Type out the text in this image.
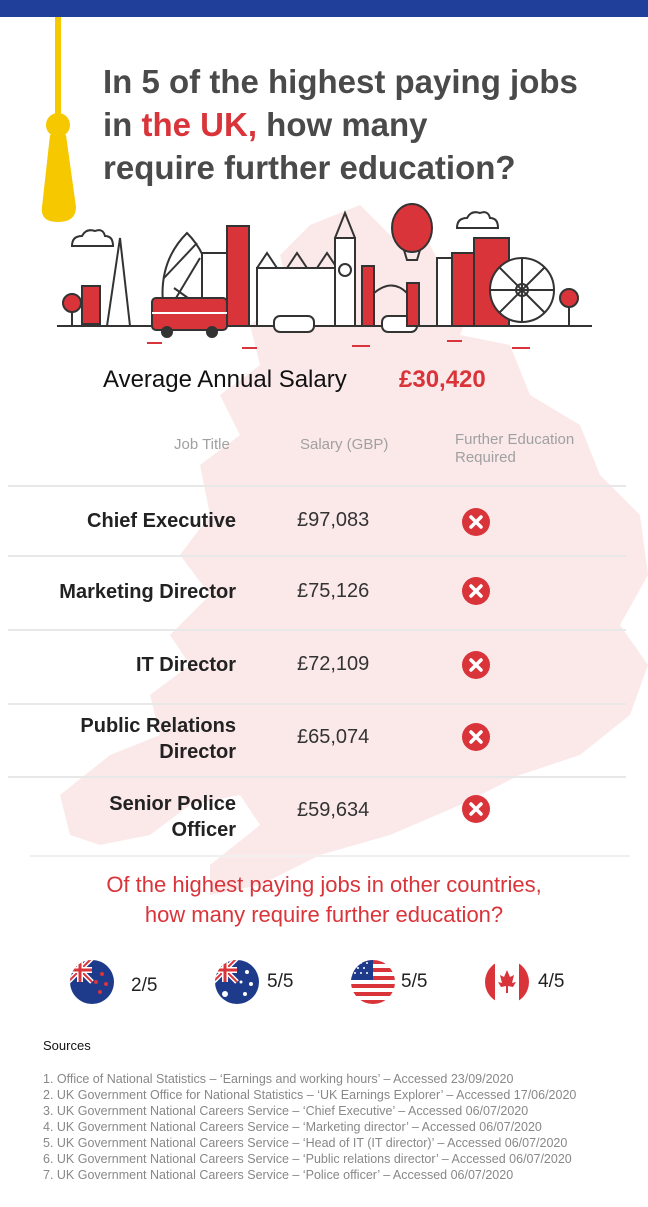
In 5 of the highest paying jobs
in the UK, how many
require further education?
Average Annual Salary £30,420
Job Title	Salary (GBP)	Further Education
Required
Chief Executive	£97,083
Marketing Director	£75,126
IT Director	£72,109
Public Relations
Director
£65,074
Senior Police
Officer
£59,634
Of the highest paying jobs in other countries,
how many require further education?
2/5	5/5	5/5	4/5
Sources
1. Office of National Statistics – ‘Earnings and working hours’ – Accessed 23/09/2020
2. UK Government Office for National Statistics – ‘UK Earnings Explorer’ – Accessed 17/06/2020
3. UK Government National Careers Service – ‘Chief Executive’ – Accessed 06/07/2020
4. UK Government National Careers Service – ‘Marketing director’ – Accessed 06/07/2020
5. UK Government National Careers Service – ‘Head of IT (IT director)’ – Accessed 06/07/2020
6. UK Government National Careers Service – ‘Public relations director’ – Accessed 06/07/2020
7. UK Government National Careers Service – ‘Police officer’ – Accessed 06/07/2020
